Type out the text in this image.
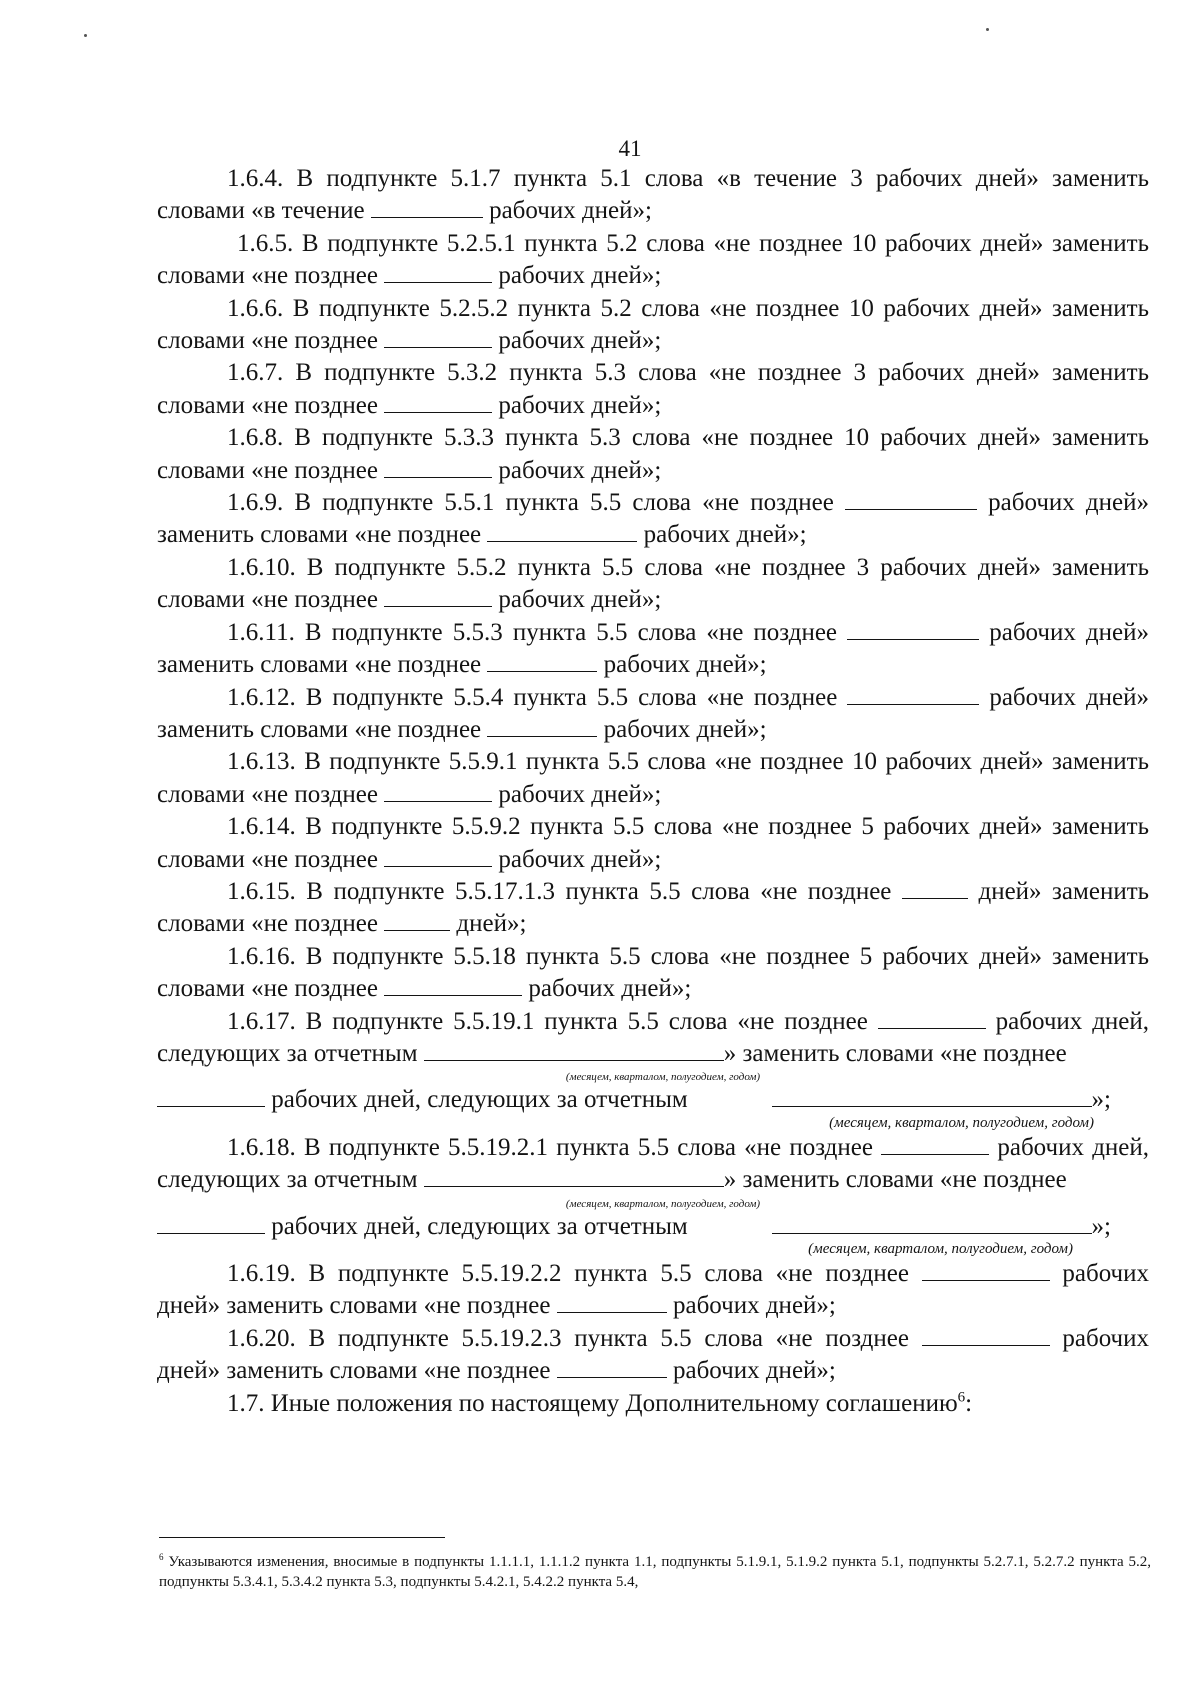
41

1.6.4. В подпункте 5.1.7 пункта 5.1 слова «в течение 3 рабочих дней» заменить словами «в течение	рабочих дней»;

1.6.5. В подпункте 5.2.5.1 пункта 5.2 слова «не позднее 10 рабочих дней» заменить словами «не позднее	рабочих дней»;

1.6.6. В подпункте 5.2.5.2 пункта 5.2 слова «не позднее 10 рабочих дней» заменить словами «не позднее	рабочих дней»;

1.6.7. В подпункте 5.3.2 пункта 5.3 слова «не позднее 3 рабочих дней» заменить словами «не позднее	рабочих дней»;

1.6.8. В подпункте 5.3.3 пункта 5.3 слова «не позднее 10 рабочих дней» заменить словами «не позднее	рабочих дней»;

1.6.9. В подпункте 5.5.1 пункта 5.5 слова «не позднее	рабочих дней» заменить словами «не позднее	рабочих дней»;

1.6.10. В подпункте 5.5.2 пункта 5.5 слова «не позднее 3 рабочих дней» заменить словами «не позднее	рабочих дней»;

1.6.11. В подпункте 5.5.3 пункта 5.5 слова «не позднее	рабочих дней» заменить словами «не позднее	рабочих дней»;

1.6.12. В подпункте 5.5.4 пункта 5.5 слова «не позднее	рабочих дней» заменить словами «не позднее	рабочих дней»;

1.6.13. В подпункте 5.5.9.1 пункта 5.5 слова «не позднее 10 рабочих дней» заменить словами «не позднее	рабочих дней»;

1.6.14. В подпункте 5.5.9.2 пункта 5.5 слова «не позднее 5 рабочих дней» заменить словами «не позднее	рабочих дней»;

1.6.15. В подпункте 5.5.17.1.3 пункта 5.5 слова «не позднее	дней» заменить словами «не позднее	дней»;

1.6.16. В подпункте 5.5.18 пункта 5.5 слова «не позднее 5 рабочих дней» заменить словами «не позднее	рабочих дней»;

1.6.17. В подпункте 5.5.19.1 пункта 5.5 слова «не позднее	рабочих дней, следующих за отчетным	» заменить словами «не позднее

(месяцем, кварталом, полугодием, годом)

рабочих дней, следующих за отчетным	»;

(месяцем, кварталом, полугодием, годом)

1.6.18. В подпункте 5.5.19.2.1 пункта 5.5 слова «не позднее	рабочих дней, следующих за отчетным	» заменить словами «не позднее

(месяцем, кварталом, полугодием, годом)

рабочих дней, следующих за отчетным	»;

(месяцем, кварталом, полугодием, годом)

1.6.19. В подпункте 5.5.19.2.2 пункта 5.5 слова «не позднее	рабочих дней» заменить словами «не позднее	рабочих дней»;

1.6.20. В подпункте 5.5.19.2.3 пункта 5.5 слова «не позднее	рабочих дней» заменить словами «не позднее	рабочих дней»;

1.7. Иные положения по настоящему Дополнительному соглашению$^6$:

$^6$ Указываются изменения, вносимые в подпункты 1.1.1.1, 1.1.1.2 пункта 1.1, подпункты 5.1.9.1, 5.1.9.2 пункта 5.1, подпункты 5.2.7.1, 5.2.7.2 пункта 5.2, подпункты 5.3.4.1, 5.3.4.2 пункта 5.3, подпункты 5.4.2.1, 5.4.2.2 пункта 5.4,
